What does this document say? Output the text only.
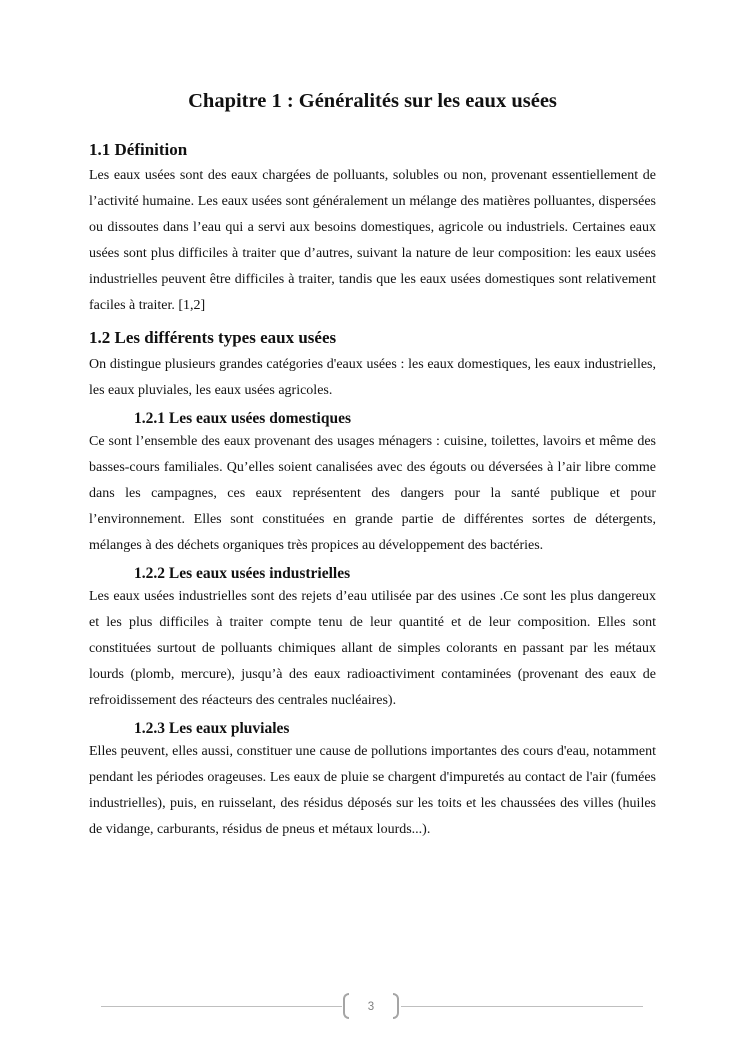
Chapitre 1 : Généralités sur les eaux usées
1.1 Définition

Les eaux usées sont des eaux chargées de polluants, solubles ou non, provenant essentiellement de l’activité humaine. Les eaux usées sont généralement un mélange des matières polluantes, dispersées ou dissoutes dans l’eau qui a servi aux besoins domestiques, agricole ou industriels. Certaines eaux usées sont plus difficiles à traiter que d’autres, suivant la nature de leur composition: les eaux usées industrielles peuvent être difficiles à traiter, tandis que les eaux usées domestiques sont relativement faciles à traiter. [1,2]

1.2 Les différents types eaux usées

On distingue plusieurs grandes catégories d'eaux usées : les eaux domestiques, les eaux industrielles, les eaux pluviales, les eaux usées agricoles.

1.2.1 Les eaux usées domestiques

Ce sont l’ensemble des eaux provenant des usages ménagers : cuisine, toilettes, lavoirs et même des basses-cours familiales. Qu’elles soient canalisées avec des égouts ou déversées à l’air libre comme dans les campagnes, ces eaux représentent des dangers pour la santé publique et pour l’environnement. Elles sont constituées en grande partie de différentes sortes de détergents, mélanges à des déchets organiques très propices au développement des bactéries.

1.2.2 Les eaux usées industrielles

Les eaux usées industrielles sont des rejets d’eau utilisée par des usines .Ce sont les plus dangereux et les plus difficiles à traiter compte tenu de leur quantité et de leur composition. Elles sont constituées surtout de polluants chimiques allant de simples colorants en passant par les métaux lourds (plomb, mercure), jusqu’à des eaux radioactiviment contaminées (provenant des eaux de refroidissement des réacteurs des centrales nucléaires).

1.2.3 Les eaux pluviales

Elles peuvent, elles aussi, constituer une cause de pollutions importantes des cours d'eau, notamment pendant les périodes orageuses. Les eaux de pluie se chargent d'impuretés au contact de l'air (fumées industrielles), puis, en ruisselant, des résidus déposés sur les toits et les chaussées des villes (huiles de vidange, carburants, résidus de pneus et métaux lourds...).

3
